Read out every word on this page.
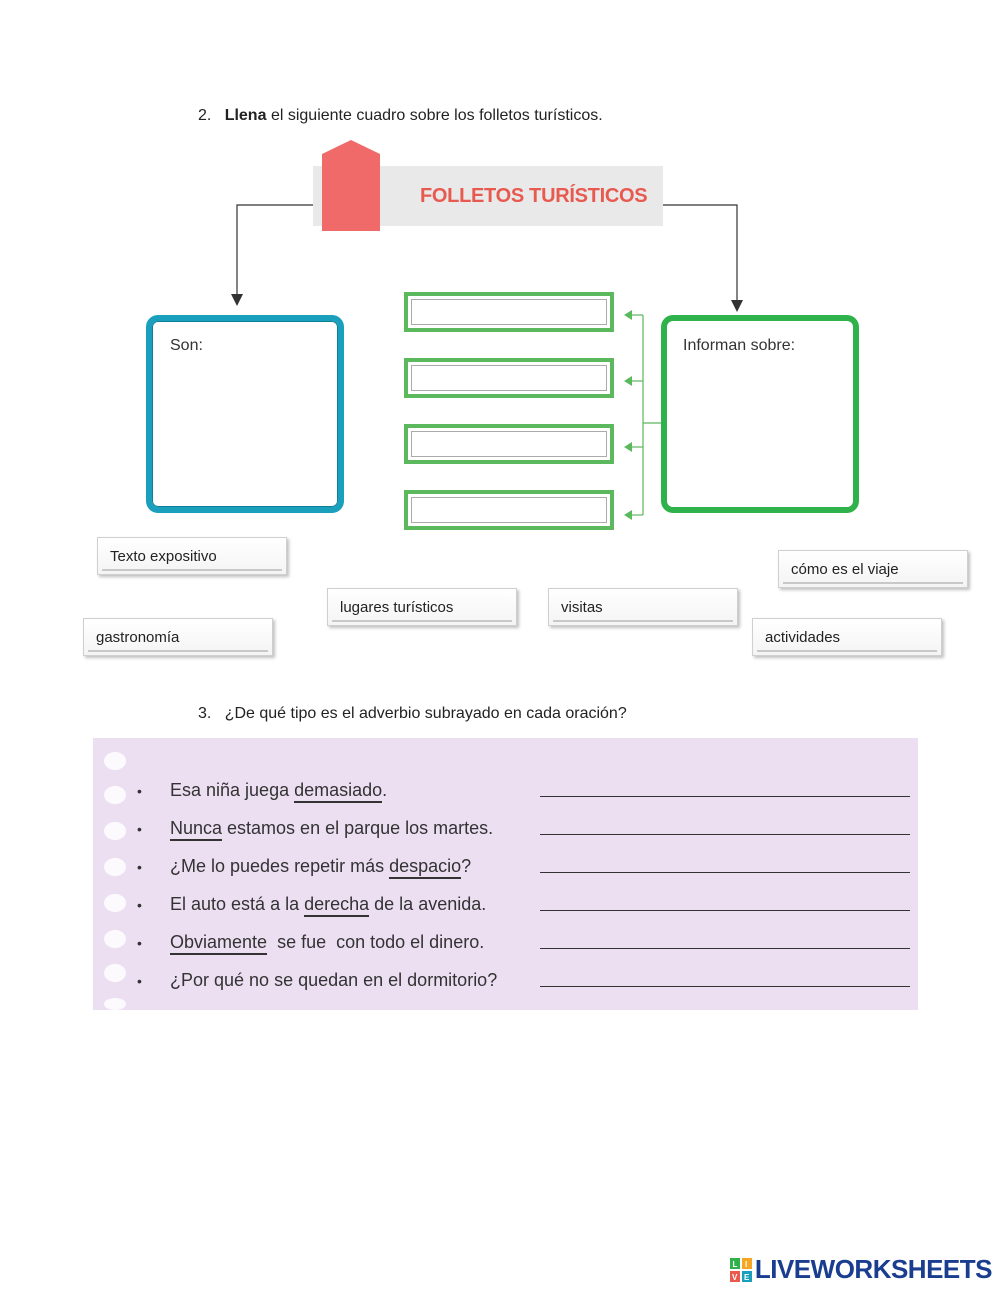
2. Llena el siguiente cuadro sobre los folletos turísticos.
FOLLETOS TURÍSTICOS
Son:	Informan sobre:
Texto expositivo
cómo es el viaje
lugares turísticos	visitas
gastronomía	actividades
3. ¿De qué tipo es el adverbio subrayado en cada oración?
• Esa niña juega demasiado.
• Nunca estamos en el parque los martes.
• ¿Me lo puedes repetir más despacio?
• El auto está a la derecha de la avenida.
• Obviamente  se fue  con todo el dinero.
• ¿Por qué no se quedan en el dormitorio?
L I
V E LIVEWORKSHEETS
